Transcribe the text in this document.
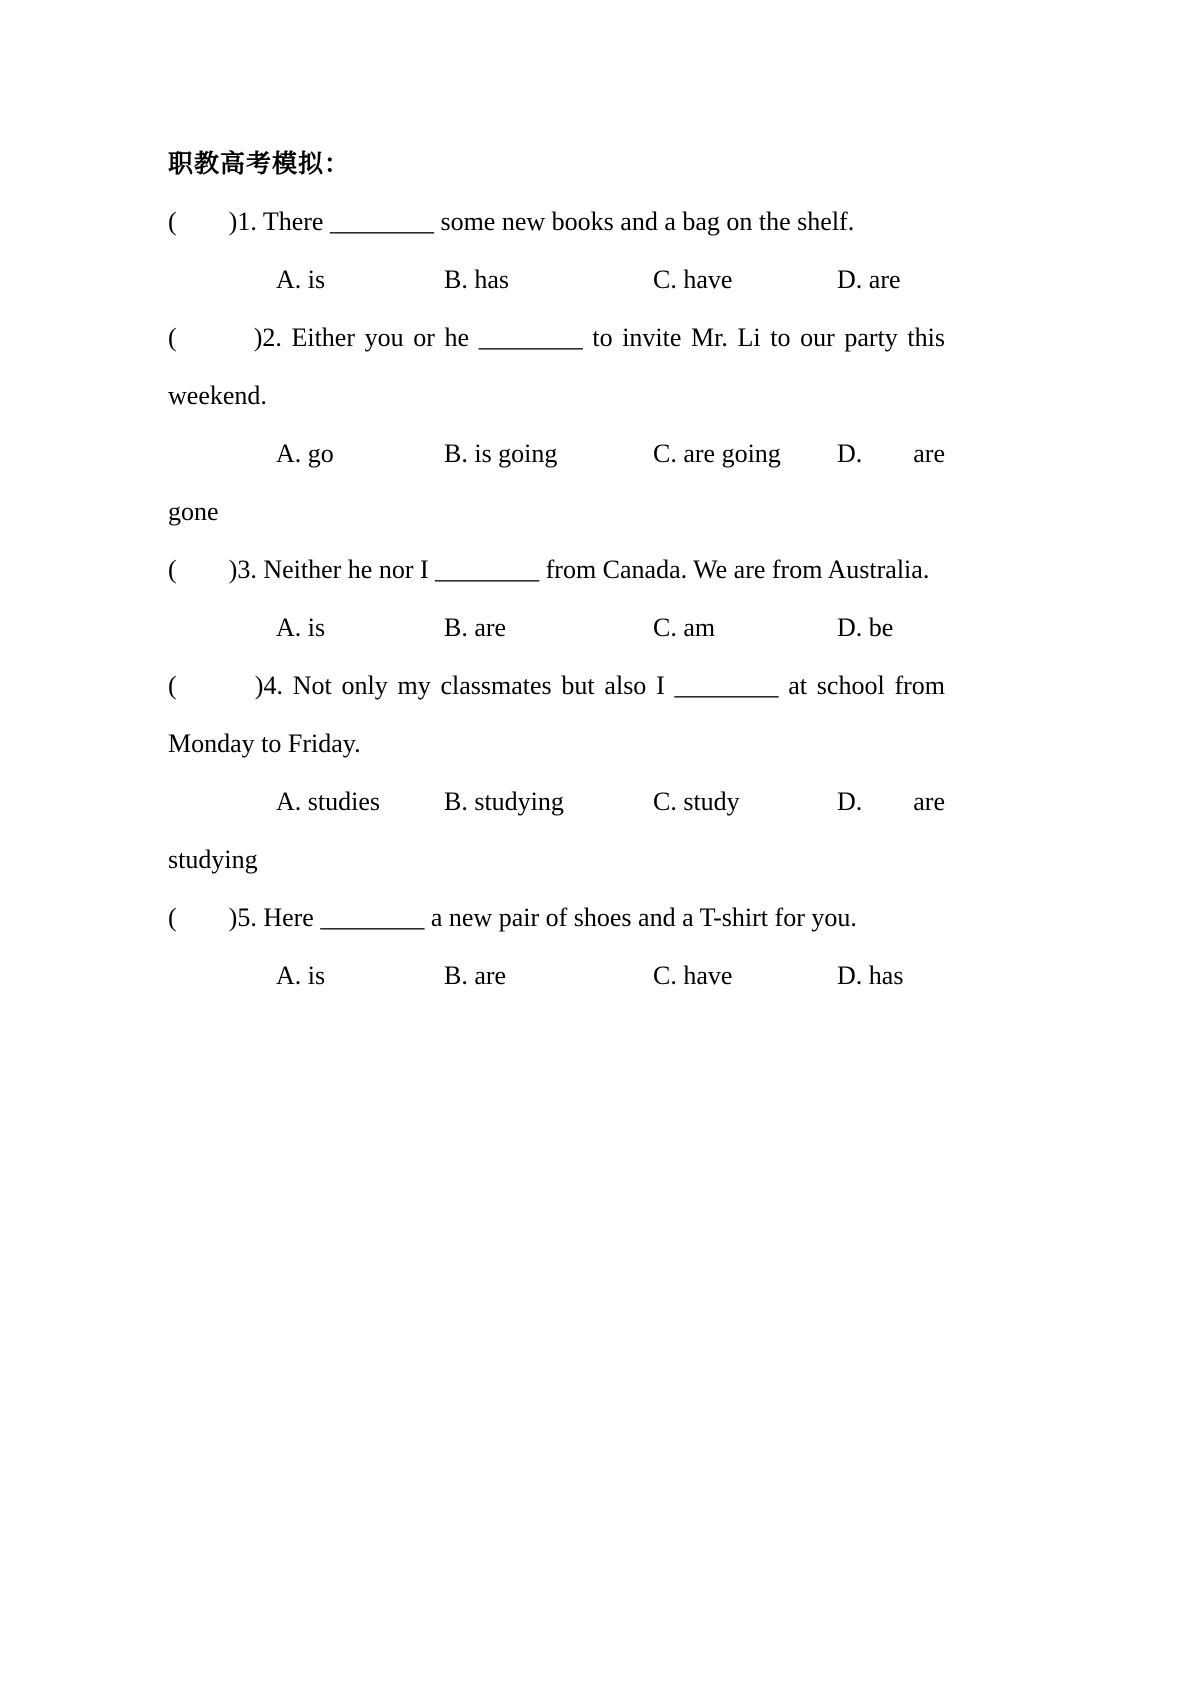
职教高考模拟：

(        )1. There ________ some new books and a bag on the shelf.

A. is	B. has	C. have	D. are

(        )2. Either you or he ________ to invite Mr. Li to our party this

weekend.

A. go	B. is going	C. are going	D. are

gone

(        )3. Neither he nor I ________ from Canada. We are from Australia.

A. is	B. are	C. am	D. be

(        )4. Not only my classmates but also I ________ at school from

Monday to Friday.

A. studies	B. studying	C. study	D. are

studying

(        )5. Here ________ a new pair of shoes and a T-shirt for you.

A. is	B. are	C. have	D. has
